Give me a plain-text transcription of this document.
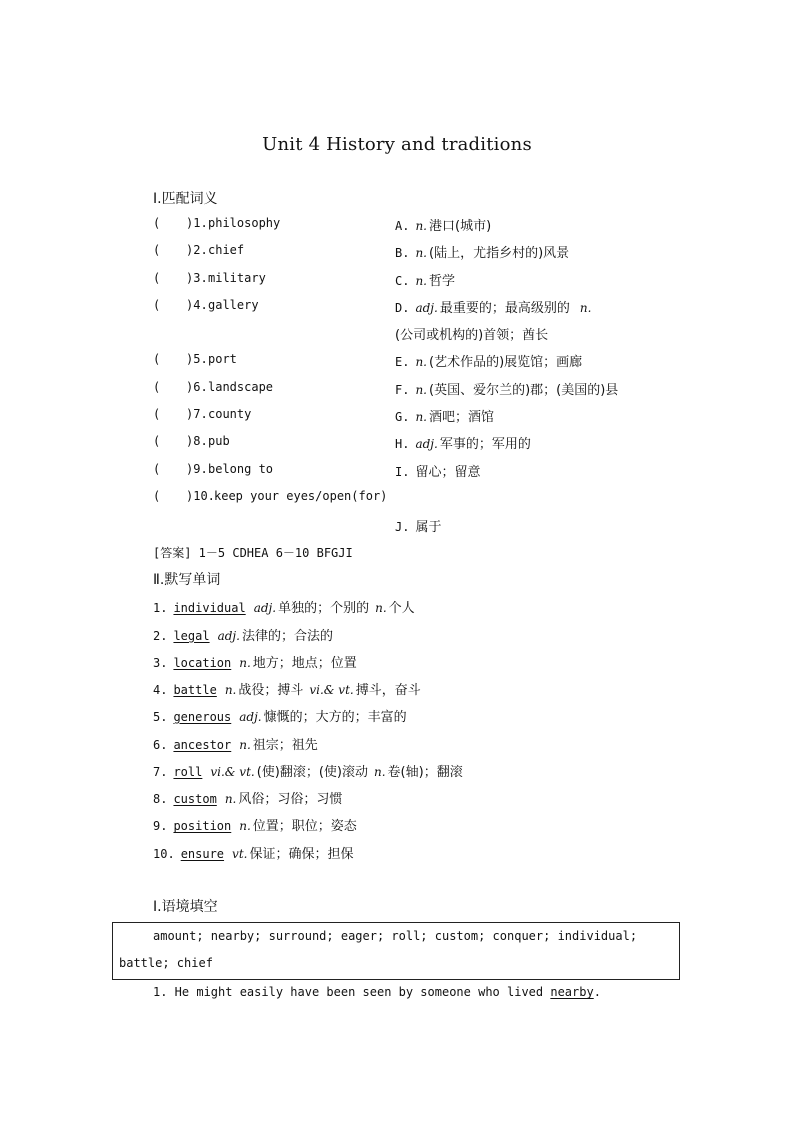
Unit 4 History and traditions
Ⅰ.匹配词义
( )1. philosophy
( )2. chief
( )3. military
( )4. gallery
( )5. port
( )6. landscape
( )7. county
( )8. pub
( )9. belong to
( )10. keep your eyes/open(for)
A. n. 港口(城市)
B. n. (陆上，尤指乡村的)风景
C. n. 哲学
D. adj. 最重要的；最高级别的 n.
(公司或机构的)首领；酋长
E. n. (艺术作品的)展览馆；画廊
F. n. (英国、爱尔兰的)郡；(美国的)县
G. n. 酒吧；酒馆
H. adj. 军事的；军用的
I. 留心；留意
J. 属于
[答案] 1－5 CDHEA 6－10 BFGJI
Ⅱ.默写单词
1. individual adj. 单独的；个别的 n. 个人
2. legal adj. 法律的；合法的
3. location n. 地方；地点；位置
4. battle n. 战役；搏斗 vi.& vt. 搏斗，奋斗
5. generous adj. 慷慨的；大方的；丰富的
6. ancestor n. 祖宗；祖先
7. roll vi.& vt. (使)翻滚；(使)滚动 n. 卷(轴)；翻滚
8. custom n. 风俗；习俗；习惯
9. position n. 位置；职位；姿态
10. ensure vt. 保证；确保；担保
Ⅰ.语境填空
amount; nearby; surround; eager; roll; custom; conquer; individual; battle; chief
1. He might easily have been seen by someone who lived nearby.
